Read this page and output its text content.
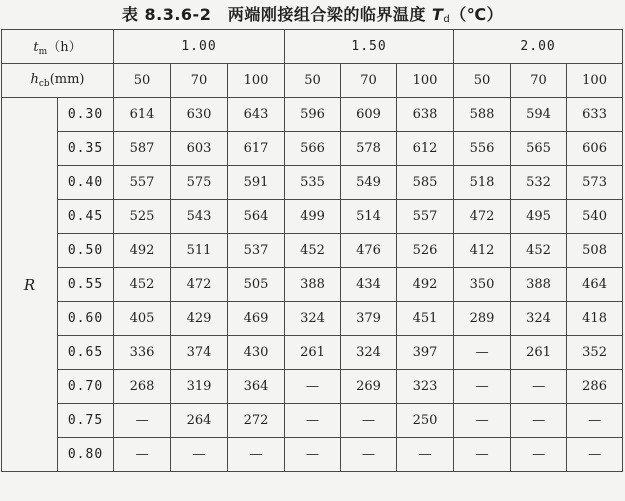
表 8.3.6-2　两端刚接组合梁的临界温度 $T_d(℃)$
$t_m(h)$		1.00			1.50			2.00		
$h_{cb}(mm)$		50	70	100	50	70	100	50	70	100
R	0.30	614	630	643	596	609	638	588	594	633
	0.35	587	603	617	566	578	612	556	565	606
	0.40	557	575	591	535	549	585	518	532	573
	0.45	525	543	564	499	514	557	472	495	540
	0.50	492	511	537	452	476	526	412	452	508
	0.55	452	472	505	388	434	492	350	388	464
	0.60	405	429	469	324	379	451	289	324	418
	0.65	336	374	430	261	324	397	—	261	352
	0.70	268	319	364	—	269	323	—	—	286
	0.75	—	264	272	—	—	250	—	—	—
	0.80	—	—	—	—	—	—	—	—	—
